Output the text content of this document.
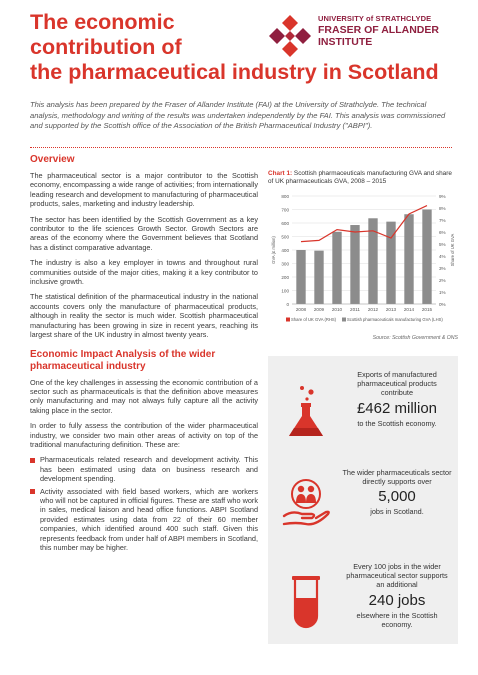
The economic
contribution of
the pharmaceutical industry in Scotland
UNIVERSITY of STRATHCLYDE
FRASER OF ALLANDER
INSTITUTE
This analysis has been prepared by the Fraser of Allander Institute (FAI) at the University of Strathclyde. The technical analysis, methodology and writing of the results was undertaken independently by the FAI. This analysis was commissioned and supported by the Scottish office of the Association of the British Pharmaceutical Industry ("ABPI").
Overview

The pharmaceutical sector is a major contributor to the Scottish economy, encompassing a wide range of activities; from internationally leading research and development to manufacturing of pharmaceutical products, sales, marketing and industry leadership.

The sector has been identified by the Scottish Government as a key contributor to the life sciences Growth Sector. Growth Sectors are areas of the economy where the Government believes that Scotland has a distinct comparative advantage.

The industry is also a key employer in towns and throughout rural communities outside of the major cities, making it a key contributor to inclusive growth.

The statistical definition of the pharmaceutical industry in the national accounts covers only the manufacture of pharmaceutical products, although in reality the sector is much wider. Scottish pharmaceutical manufacturing has been growing in size in recent years, reaching its largest share of the UK industry in almost twenty years.

Economic Impact Analysis of the wider
pharmaceutical industry

One of the key challenges in assessing the economic contribution of a sector such as pharmaceuticals is that the definition above measures only manufacturing and may not always fully capture all the activity taking place in the sector.

In order to fully assess the contribution of the wider pharmaceutical industry, we consider two main other areas of activity on top of the traditional manufacturing definition. These are:

Pharmaceuticals related research and development activity. This has been estimated using data on business research and development spending.
Activity associated with field based workers, which are workers who will not be captured in official figures. These are staff who work in sales, medical liaison and head office functions. ABPI Scotland provided estimates using data from 22 of their 60 member companies, which identified around 400 such staff. Given this represents feedback from under half of ABPI members in Scotland, this number may be higher.
Chart 1: Scottish pharmaceuticals manufacturing GVA and share of UK pharmaceuticals GVA, 2008 – 2015
0
100
200
300
400
500
600
700
800
0%
1%
2%
3%
4%
5%
6%
7%
8%
9%
GVA (£ million)	Share of UK GVA
2008 2009 2010 2011 2012 2013 2014 2015
Share of UK GVA (RHS)	Scottish pharmaceuticals manufacturing GVA (LHS)
Source: Scottish Government & ONS
Exports of manufactured pharmaceutical products contribute
£462 million
to the Scottish economy.
The wider pharmaceuticals sector directly supports over
5,000
jobs in Scotland.
Every 100 jobs in the wider pharmaceutical sector supports an additional
240 jobs
elsewhere in the Scottish economy.
